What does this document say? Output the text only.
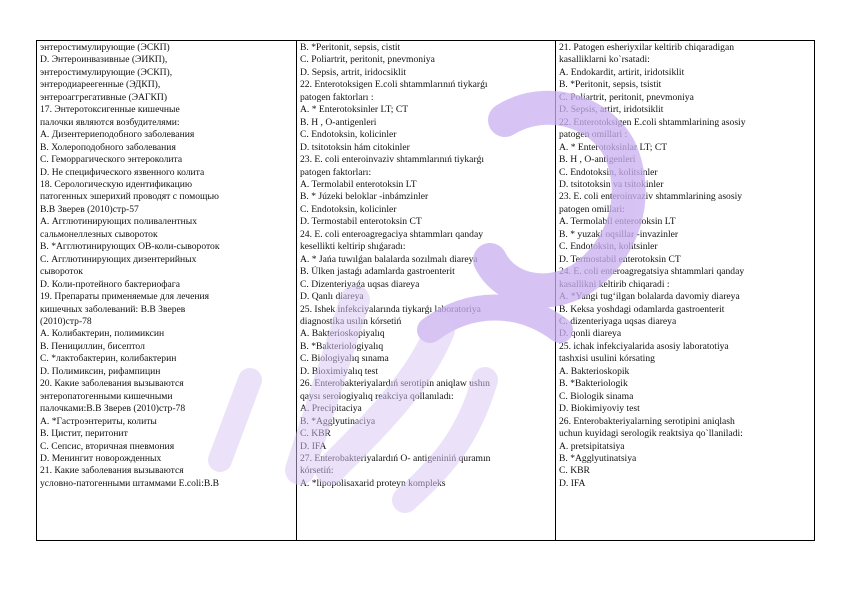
энтеростимулирующие (ЭСКП)
D. Энтероинвазивные (ЭИКП),
энтеростимулирующие (ЭСКП),
энтеродиареегенные (ЭДКП),
энтероаггрегативные (ЭАГКП)
17. Энтеротоксигенные кишечные
палочки являются возбудителями:
A. Дизентериеподобного заболевания
B. Холероподобного заболевания
C. Геморрагического энтероколита
D. Не специфического язвенного колита
18. Серологическую идентификацию
патогенных эшерихий проводят с помощью
В.В Зверев (2010)стр-57
A. Агглютинирующих поливалентных
сальмонеллезных сывороток
B. *Агглютинирующих ОВ-коли-сывороток
C. Агглютинирующих дизентерийных
сывороток
D. Коли-протейного бактериофага
19. Препараты применяемые для лечения
кишечных заболеваний: В.В Зверев
(2010)стр-78
A. Колибактерин, полимиксин
B. Пенициллин, бисептол
C. *лактобактерин, колибактерин
D. Полимиксин, рифампицин
20. Какие заболевания вызываются
энтеропатогенными кишечными
палочками:В.В Зверев (2010)стр-78
A. *Гастроэнтериты, колиты
B. Цистит, перитонит
C. Сепсис, вторичная пневмония
D. Менингит новорожденных
21. Какие заболевания вызываются
условно-патогенными штаммами E.coli:В.В

B. *Peritonit, sepsis, cistit
C. Poliartrit, peritonit, pnevmoniya
D. Sepsis, artrit, iridocsiklit
22. Enterotoksigen E.coli shtammlarınıń tiykarǵı
patogen faktorları :
A. * Enterotoksinler LT; CT
B. H , O-antigenleri
C. Endotoksin, kolicinler
D. tsitotoksin hám citokinler
23. E. coli enteroinvaziv shtammlarınıń tiykarǵı
patogen faktorları:
A. Termolabil enterotoksin LT
B. * Júzeki beloklar -inbámzinler
C. Endotoksin, kolicinler
D. Termostabil enterotoksin CT
24. E. coli enteroagregaciya shtammları qanday
kesellikti keltirip shıǵaradı:
A. * Jańa tuwılǵan balalarda sozılmalı diareya
B. Úlken jastaǵı adamlarda gastroenterit
C. Dizenteriyaǵa uqsas diareya
D. Qanlı diareya
25. Ishek infekciyalarında tiykarǵı laboratoriya
diagnostika usılın kórsetiń
A. Bakterioskopiyalıq
B. *Bakteriologiyalıq
C. Biologiyalıq sınama
D. Bioximiyalıq test
26. Enterobakteriyalardıń serotipin aniqlaw ushın
qaysı serologiyalıq reakciya qollanıladı:
A. Precipitaciya
B. *Agglyutinaciya
C. KBR
D. IFA
27. Enterobakteriyalardıń O- antigeniniń quramın
kórsetiń:
A. *lipopolisaxarid proteyn kompleks

21. Patogen esheriyxilar keltirib chiqaradigan
kasalliklarni ko`rsatadi:
A. Endokardit, artirit, iridotsiklit
B. *Peritonit, sepsis, tsistit
C. Poliartrit, peritonit, pnevmoniya
D. Sepsis, artirt, iridotsiklit
22. Enterotoksigen E.coli shtammlarining asosiy
patogen omillari :
A. * Enterotoksinlar LT; CT
B. H , O-antigenleri
C. Endotoksin, kolitsinler
D. tsitotoksin va tsitokinler
23. E. coli enteroinvaziv shtammlarining asosiy
patogen omillari:
A. Termolabil enterotoksin LT
B. * yuzaki oqsillar -invazinler
C. Endotoksin, kolitsinler
D. Termostabil enterotoksin CT
24. E. coli enteroagregatsiya shtammlari qanday
kasallikni keltirib chiqaradi :
A. *Yangi tug‘ilgan bolalarda davomiy diareya
B. Keksa yoshdagi odamlarda gastroenterit
C. dizenteriyaga uqsas diareya
D. qonli diareya
25. ichak infekciyalarida asosiy laboratotiya
tashxisi usulini kórsating
A. Bakterioskopik
B. *Bakteriologik
C. Biologik sinama
D. Biokimiyoviy test
26. Enterobakteriyalarning serotipini aniqlash
uchun kuyidagi serologik reaktsiya qo`llaniladi:
A. pretsipitatsiya
B. *Agglyutinatsiya
C. KBR
D. IFA
